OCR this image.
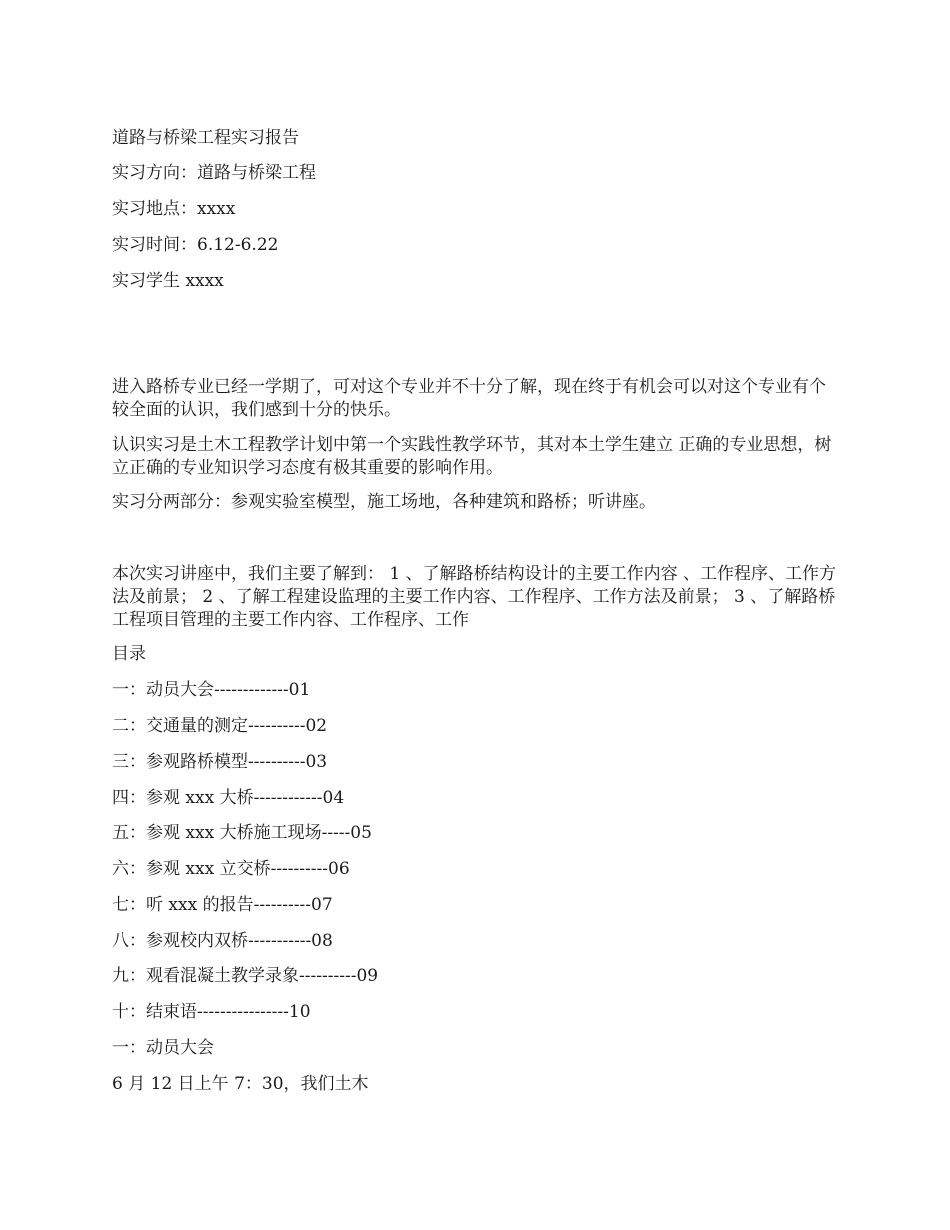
道路与桥梁工程实习报告
实习方向：道路与桥梁工程
实习地点：xxxx
实习时间：6.12-6.22
实习学生 xxxx
进入路桥专业已经一学期了，可对这个专业并不十分了解，现在终于有机会可以对这个专业有个较全面的认识，我们感到十分的快乐。
认识实习是土木工程教学计划中第一个实践性教学环节，其对本土学生建立 正确的专业思想，树立正确的专业知识学习态度有极其重要的影响作用。
实习分两部分：参观实验室模型，施工场地，各种建筑和路桥；听讲座。
本次实习讲座中，我们主要了解到： 1 、了解路桥结构设计的主要工作内容 、工作程序、工作方法及前景； 2 、了解工程建设监理的主要工作内容、工作程序、工作方法及前景； 3 、了解路桥工程项目管理的主要工作内容、工作程序、工作
目录
一：动员大会-------------01
二：交通量的测定----------02
三：参观路桥模型----------03
四：参观 xxx 大桥------------04
五：参观 xxx 大桥施工现场-----05
六：参观 xxx 立交桥----------06
七：听 xxx 的报告----------07
八：参观校内双桥-----------08
九：观看混凝土教学录象----------09
十：结束语----------------10
一：动员大会
6 月 12 日上午 7：30，我们土木
